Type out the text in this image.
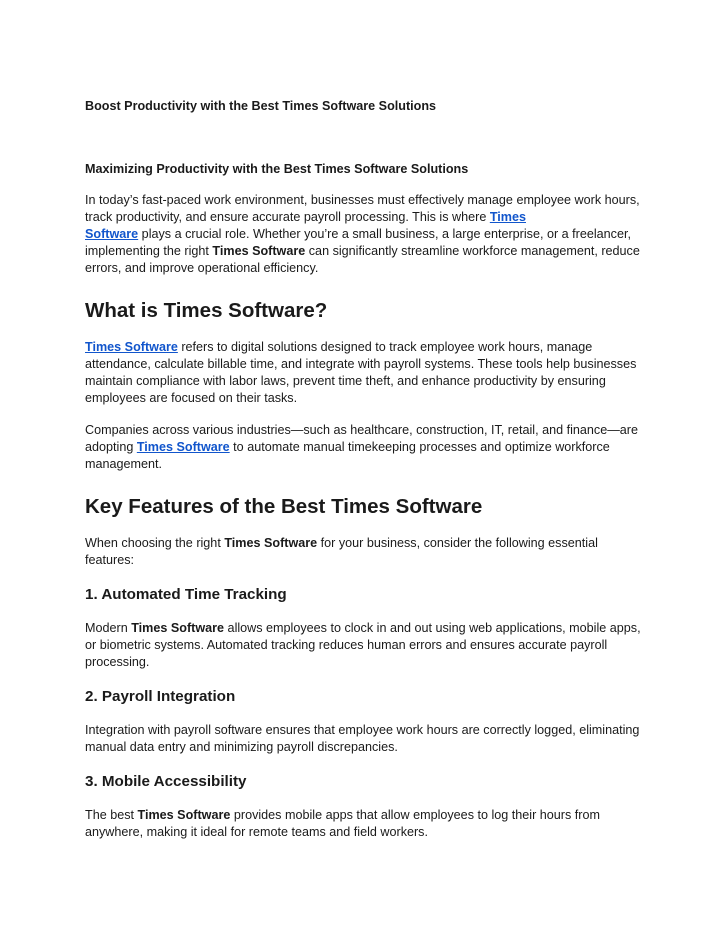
Boost Productivity with the Best Times Software Solutions
Maximizing Productivity with the Best Times Software Solutions

In today’s fast-paced work environment, businesses must effectively manage employee work hours, track productivity, and ensure accurate payroll processing. This is where Times
Software plays a crucial role. Whether you’re a small business, a large enterprise, or a freelancer, implementing the right Times Software can significantly streamline workforce management, reduce errors, and improve operational efficiency.

What is Times Software?

Times Software refers to digital solutions designed to track employee work hours, manage attendance, calculate billable time, and integrate with payroll systems. These tools help businesses maintain compliance with labor laws, prevent time theft, and enhance productivity by ensuring employees are focused on their tasks.

Companies across various industries—such as healthcare, construction, IT, retail, and finance—are adopting Times Software to automate manual timekeeping processes and optimize workforce management.

Key Features of the Best Times Software

When choosing the right Times Software for your business, consider the following essential features:

1. Automated Time Tracking

Modern Times Software allows employees to clock in and out using web applications, mobile apps, or biometric systems. Automated tracking reduces human errors and ensures accurate payroll processing.

2. Payroll Integration

Integration with payroll software ensures that employee work hours are correctly logged, eliminating manual data entry and minimizing payroll discrepancies.

3. Mobile Accessibility

The best Times Software provides mobile apps that allow employees to log their hours from anywhere, making it ideal for remote teams and field workers.
